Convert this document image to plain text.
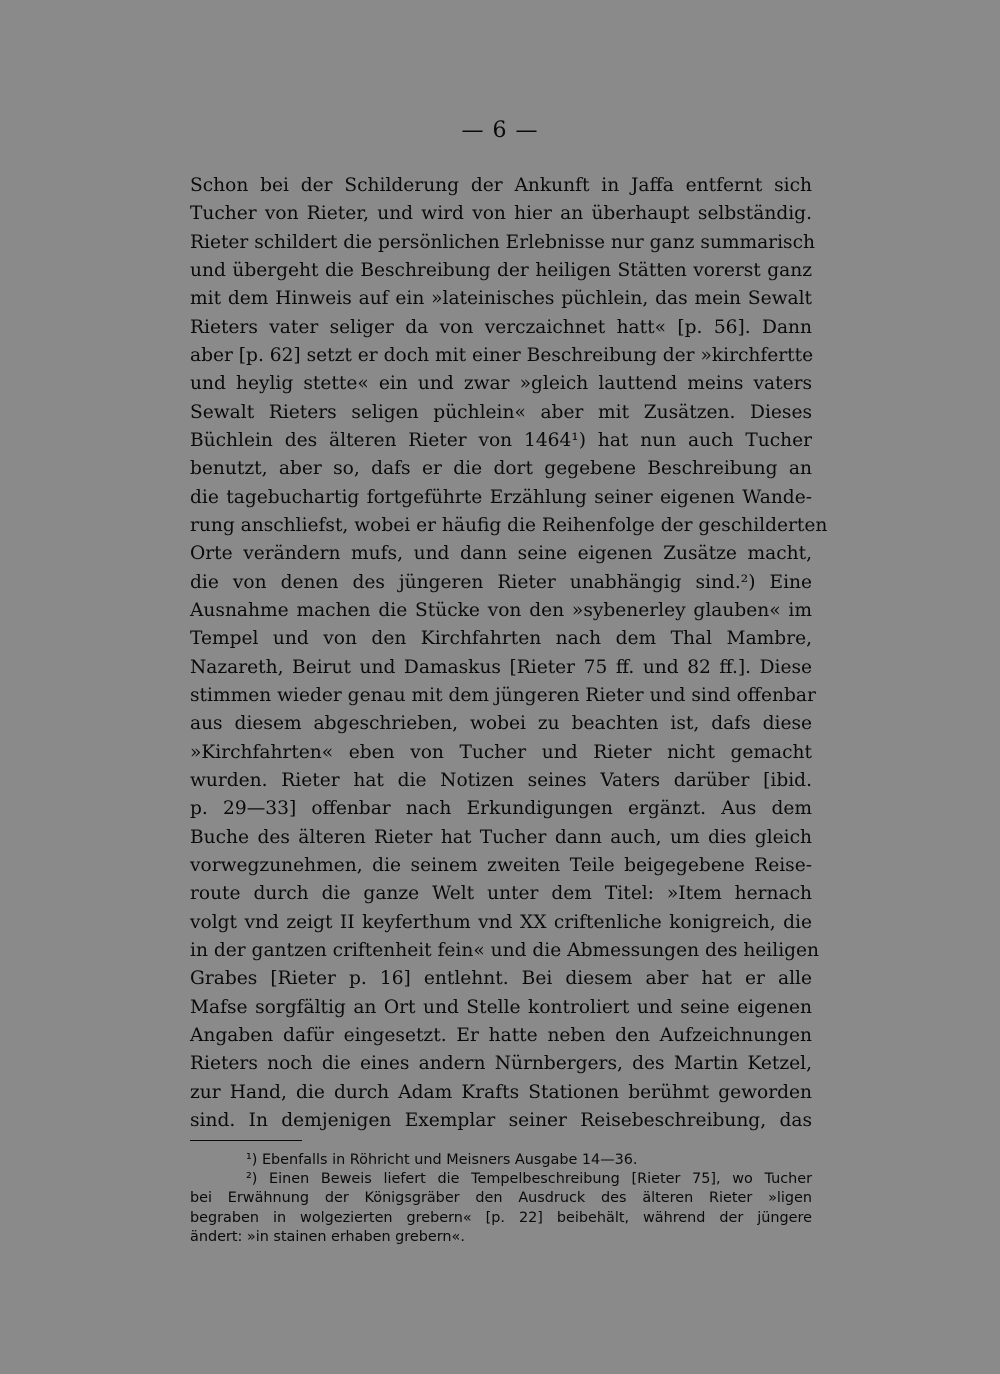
— 6 —
Schon bei der Schilderung der Ankunft in Jaffa entfernt sich
Tucher von Rieter, und wird von hier an überhaupt selbständig.
Rieter schildert die persönlichen Erlebnisse nur ganz summarisch
und übergeht die Beschreibung der heiligen Stätten vorerst ganz
mit dem Hinweis auf ein »lateinisches püchlein, das mein Sewalt
Rieters vater seliger da von verczaichnet hatt« [p. 56]. Dann
aber [p. 62] setzt er doch mit einer Beschreibung der »kirchfertte
und heylig stette« ein und zwar »gleich lauttend meins vaters
Sewalt Rieters seligen püchlein« aber mit Zusätzen. Dieses
Büchlein des älteren Rieter von 1464¹) hat nun auch Tucher
benutzt, aber so, dafs er die dort gegebene Beschreibung an
die tagebuchartig fortgeführte Erzählung seiner eigenen Wande-
rung anschliefst, wobei er häufig die Reihenfolge der geschilderten
Orte verändern mufs, und dann seine eigenen Zusätze macht,
die von denen des jüngeren Rieter unabhängig sind.²) Eine
Ausnahme machen die Stücke von den »sybenerley glauben« im
Tempel und von den Kirchfahrten nach dem Thal Mambre,
Nazareth, Beirut und Damaskus [Rieter 75 ff. und 82 ff.]. Diese
stimmen wieder genau mit dem jüngeren Rieter und sind offenbar
aus diesem abgeschrieben, wobei zu beachten ist, dafs diese
»Kirchfahrten« eben von Tucher und Rieter nicht gemacht
wurden. Rieter hat die Notizen seines Vaters darüber [ibid.
p. 29—33] offenbar nach Erkundigungen ergänzt. Aus dem
Buche des älteren Rieter hat Tucher dann auch, um dies gleich
vorwegzunehmen, die seinem zweiten Teile beigegebene Reise-
route durch die ganze Welt unter dem Titel: »Item hernach
volgt vnd zeigt II keyferthum vnd XX criftenliche konigreich, die
in der gantzen criftenheit fein« und die Abmessungen des heiligen
Grabes [Rieter p. 16] entlehnt. Bei diesem aber hat er alle
Mafse sorgfältig an Ort und Stelle kontroliert und seine eigenen
Angaben dafür eingesetzt. Er hatte neben den Aufzeichnungen
Rieters noch die eines andern Nürnbergers, des Martin Ketzel,
zur Hand, die durch Adam Krafts Stationen berühmt geworden
sind. In demjenigen Exemplar seiner Reisebeschreibung, das
¹) Ebenfalls in Röhricht und Meisners Ausgabe 14—36.
²) Einen Beweis liefert die Tempelbeschreibung [Rieter 75], wo Tucher
bei Erwähnung der Königsgräber den Ausdruck des älteren Rieter »ligen
begraben in wolgezierten grebern« [p. 22] beibehält, während der jüngere
ändert: »in stainen erhaben grebern«.
